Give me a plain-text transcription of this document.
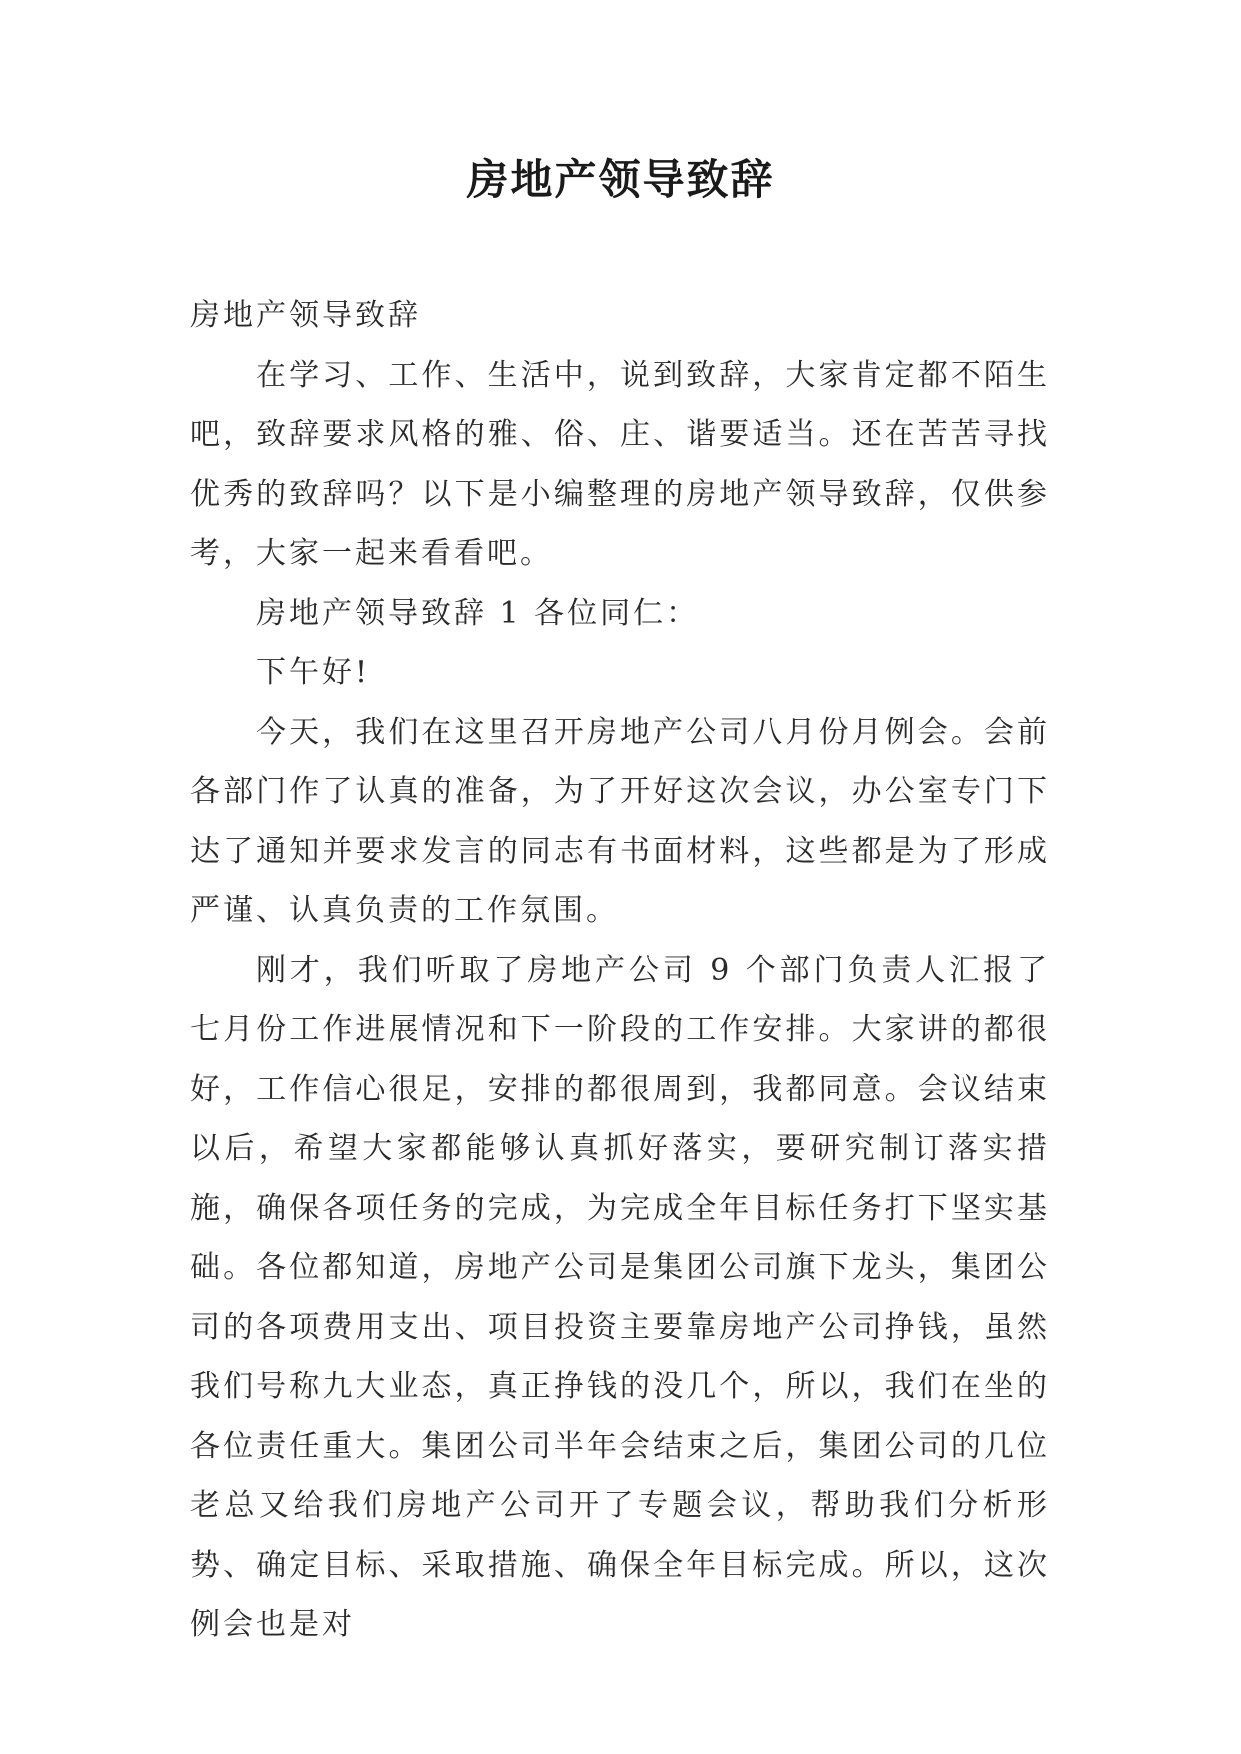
房地产领导致辞

房地产领导致辞

在学习、工作、生活中，说到致辞，大家肯定都不陌生吧，致辞要求风格的雅、俗、庄、谐要适当。还在苦苦寻找优秀的致辞吗？以下是小编整理的房地产领导致辞，仅供参考，大家一起来看看吧。

房地产领导致辞 1 各位同仁：

下午好!

今天，我们在这里召开房地产公司八月份月例会。会前各部门作了认真的准备，为了开好这次会议，办公室专门下达了通知并要求发言的同志有书面材料，这些都是为了形成严谨、认真负责的工作氛围。

刚才，我们听取了房地产公司 9 个部门负责人汇报了七月份工作进展情况和下一阶段的工作安排。大家讲的都很好，工作信心很足，安排的都很周到，我都同意。会议结束以后，希望大家都能够认真抓好落实，要研究制订落实措施，确保各项任务的完成，为完成全年目标任务打下坚实基础。各位都知道，房地产公司是集团公司旗下龙头，集团公司的各项费用支出、项目投资主要靠房地产公司挣钱，虽然我们号称九大业态，真正挣钱的没几个，所以，我们在坐的各位责任重大。集团公司半年会结束之后，集团公司的几位老总又给我们房地产公司开了专题会议，帮助我们分析形势、确定目标、采取措施、确保全年目标完成。所以，这次例会也是对
